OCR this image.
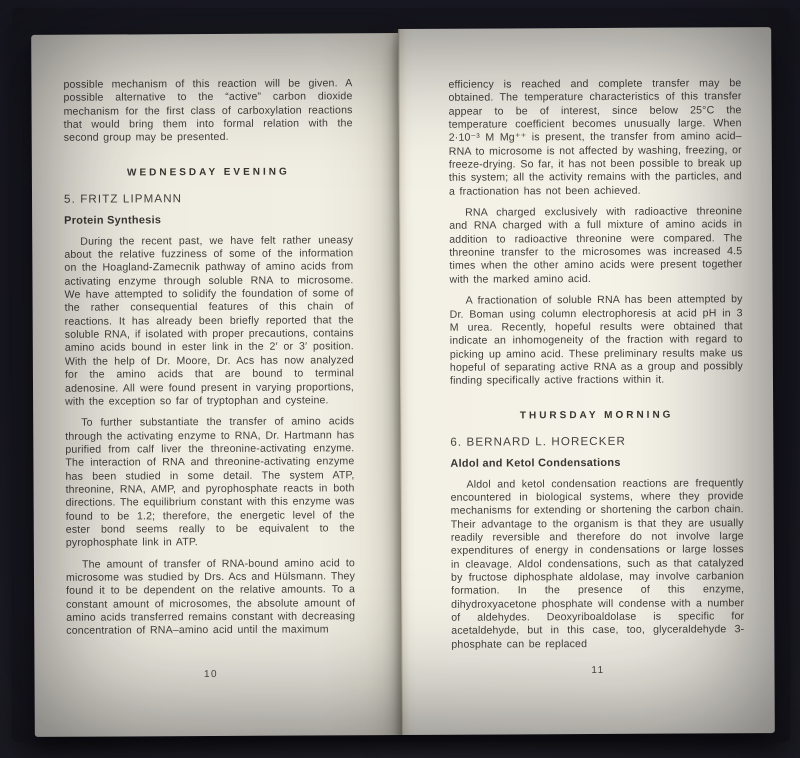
possible mechanism of this reaction will be given. A possible alternative to the “active” carbon dioxide mechanism for the first class of carboxylation reactions that would bring them into formal relation with the second group may be presented.

WEDNESDAY EVENING
5. FRITZ LIPMANN
Protein Synthesis

During the recent past, we have felt rather uneasy about the relative fuzziness of some of the information on the Hoagland-Zamecnik pathway of amino acids from activating enzyme through soluble RNA to microsome. We have attempted to solidify the foundation of some of the rather consequential features of this chain of reactions. It has already been briefly reported that the soluble RNA, if isolated with proper precautions, contains amino acids bound in ester link in the 2′ or 3′ position. With the help of Dr. Moore, Dr. Acs has now analyzed for the amino acids that are bound to terminal adenosine. All were found present in varying proportions, with the exception so far of tryptophan and cysteine.

To further substantiate the transfer of amino acids through the activating enzyme to RNA, Dr. Hartmann has purified from calf liver the threonine-activating enzyme. The interaction of RNA and threonine-activating enzyme has been studied in some detail. The system ATP, threonine, RNA, AMP, and pyrophosphate reacts in both directions. The equilibrium constant with this enzyme was found to be 1.2; therefore, the energetic level of the ester bond seems really to be equivalent to the pyrophosphate link in ATP.

The amount of transfer of RNA-bound amino acid to microsome was studied by Drs. Acs and Hülsmann. They found it to be dependent on the relative amounts. To a constant amount of microsomes, the absolute amount of amino acids transferred remains constant with decreasing concentration of RNA–amino acid until the maximum

10

efficiency is reached and complete transfer may be obtained. The temperature characteristics of this transfer appear to be of interest, since below 25°C the temperature coefficient becomes unusually large. When 2·10⁻³ M Mg⁺⁺ is present, the transfer from amino acid–RNA to microsome is not affected by washing, freezing, or freeze-drying. So far, it has not been possible to break up this system; all the activity remains with the particles, and a fractionation has not been achieved.

RNA charged exclusively with radioactive threonine and RNA charged with a full mixture of amino acids in addition to radioactive threonine were compared. The threonine transfer to the microsomes was increased 4.5 times when the other amino acids were present together with the marked amino acid.

A fractionation of soluble RNA has been attempted by Dr. Boman using column electrophoresis at acid pH in 3 M urea. Recently, hopeful results were obtained that indicate an inhomogeneity of the fraction with regard to picking up amino acid. These preliminary results make us hopeful of separating active RNA as a group and possibly finding specifically active fractions within it.

THURSDAY MORNING
6. BERNARD L. HORECKER
Aldol and Ketol Condensations

Aldol and ketol condensation reactions are frequently encountered in biological systems, where they provide mechanisms for extending or shortening the carbon chain. Their advantage to the organism is that they are usually readily reversible and therefore do not involve large expenditures of energy in condensations or large losses in cleavage. Aldol condensations, such as that catalyzed by fructose diphosphate aldolase, may involve carbanion formation. In the presence of this enzyme, dihydroxyacetone phosphate will condense with a number of aldehydes. Deoxyriboaldolase is specific for acetaldehyde, but in this case, too, glyceraldehyde 3-phosphate can be replaced

11
